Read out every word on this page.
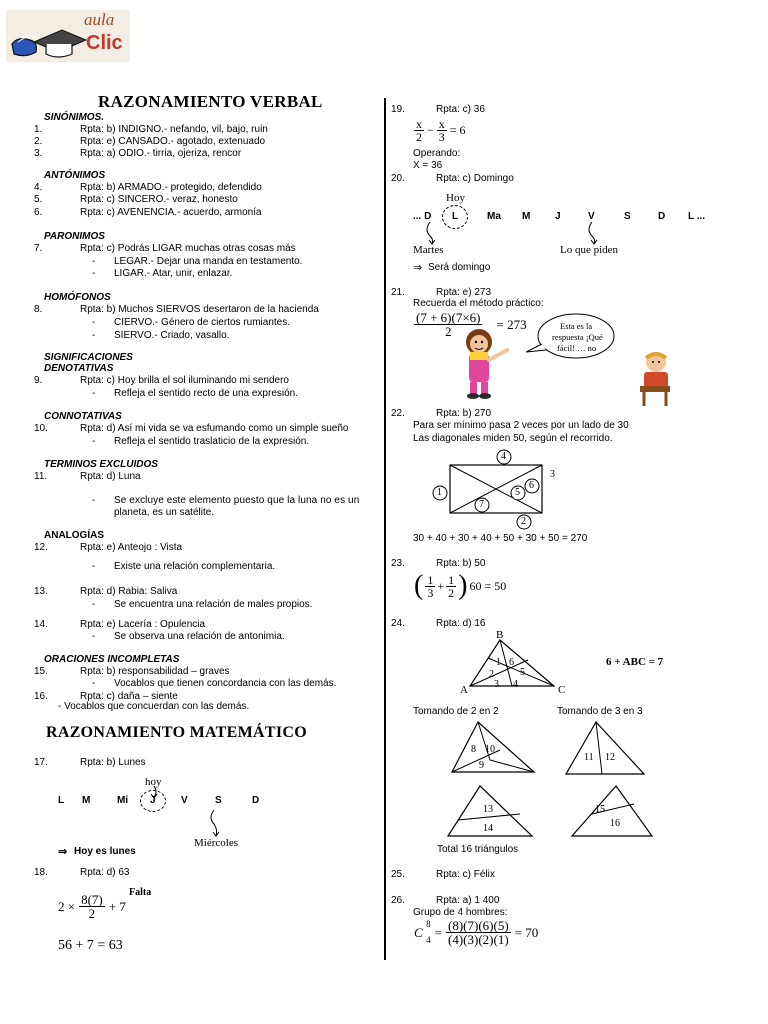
aula
Clic
RAZONAMIENTO VERBAL
SINÓNIMOS.
1.	Rpta: b) INDIGNO.- nefando, vil, bajo, ruin
2.	Rpta: e) CANSADO.- agotado, extenuado
3.	Rpta: a) ODIO.- tirria, ojeriza, rencor
ANTÓNIMOS
4.	Rpta: b) ARMADO.- protegido, defendido
5.	Rpta: c) SINCERO.- veraz, honesto
6.	Rpta: c) AVENENCIA.- acuerdo, armonía
PARONIMOS
7.	Rpta: c) Podrás LIGAR muchas otras cosas más
- LEGAR.- Dejar una manda en testamento.
- LIGAR.- Atar, unir, enlazar.
HOMÓFONOS
8.	Rpta: b) Muchos SIERVOS desertaron de la hacienda
- CIERVO.- Género de ciertos rumiantes.
- SIERVO.- Criado, vasallo.
SIGNIFICACIONES
DENOTATIVAS
9.	Rpta: c) Hoy brilla el sol iluminando mi sendero
- Refleja el sentido recto de una expresión.
CONNOTATIVAS
10.	Rpta: d) Así mi vida se va esfumando como un simple sueño
- Refleja el sentido traslaticio de la expresión.
TERMINOS EXCLUIDOS
11.	Rpta: d) Luna
- Se excluye este elemento puesto que la luna no es un
planeta, es un satélite.
ANALOGÍAS
12.	Rpta: e) Anteojo : Vista
- Existe una relación complementaria.
13.	Rpta: d) Rabia: Saliva
- Se encuentra una relación de males propios.
14.	Rpta: e) Lacería : Opulencia
- Se observa una relación de antonimia.
ORACIONES INCOMPLETAS
15.	Rpta: b) responsabilidad – graves
- Vocablos que tienen concordancia con las demás.
16.	Rpta: c) daña – siente
- Vocablos que concuerdan con las demás.
RAZONAMIENTO MATEMÁTICO
17.	Rpta: b) Lunes
hoy
L M	Mi J	V	S	D
Miércoles
⇒ Hoy es lunes
18.	Rpta: d) 63
Falta
$2 \times \frac{8(7)}{2} + 7$
56 + 7 = 63
19.	Rpta: c) 36
$\frac{x}{2} - \frac{x}{3} = 6$
Operando:
X = 36
20.	Rpta: c) Domingo
Hoy
... D L	Ma M J	V	S	D L ...
Martes	Lo que piden
⇒ Será domingo
21.	Rpta: e) 273
Recuerda el método práctico:
$\frac{(7 + 6)(7\times 6)}{2} = 273$	Esta es la
respuesta ¡Qué
fácil! … no
22.	Rpta: b) 270
Para ser mínimo pasa 2 veces por un lado de 30
Las diagonales miden 50, según el recorrido.
4
3
1
6
5
7
2
30 + 40 + 30 + 40 + 50 + 30 + 50 = 270
23.	Rpta: b) 50
( $\frac{1}{3} + \frac{1}{2}$ ) 60 = 50
24.	Rpta: d) 16
B
A	C
1 6
2	5
3 4
6 + ABC = 7
Tomando de 2 en 2	Tomando de 3 en 3
8 10
9
11 12
13
14
15
16
Total 16 triángulos
25.	Rpta: c) Félix
26.	Rpta: a) 1 400
Grupo de 4 hombres:
C
8
$4 = \frac{(8)(7)(6)(5)}{(4)(3)(2)(1)} = 70$
